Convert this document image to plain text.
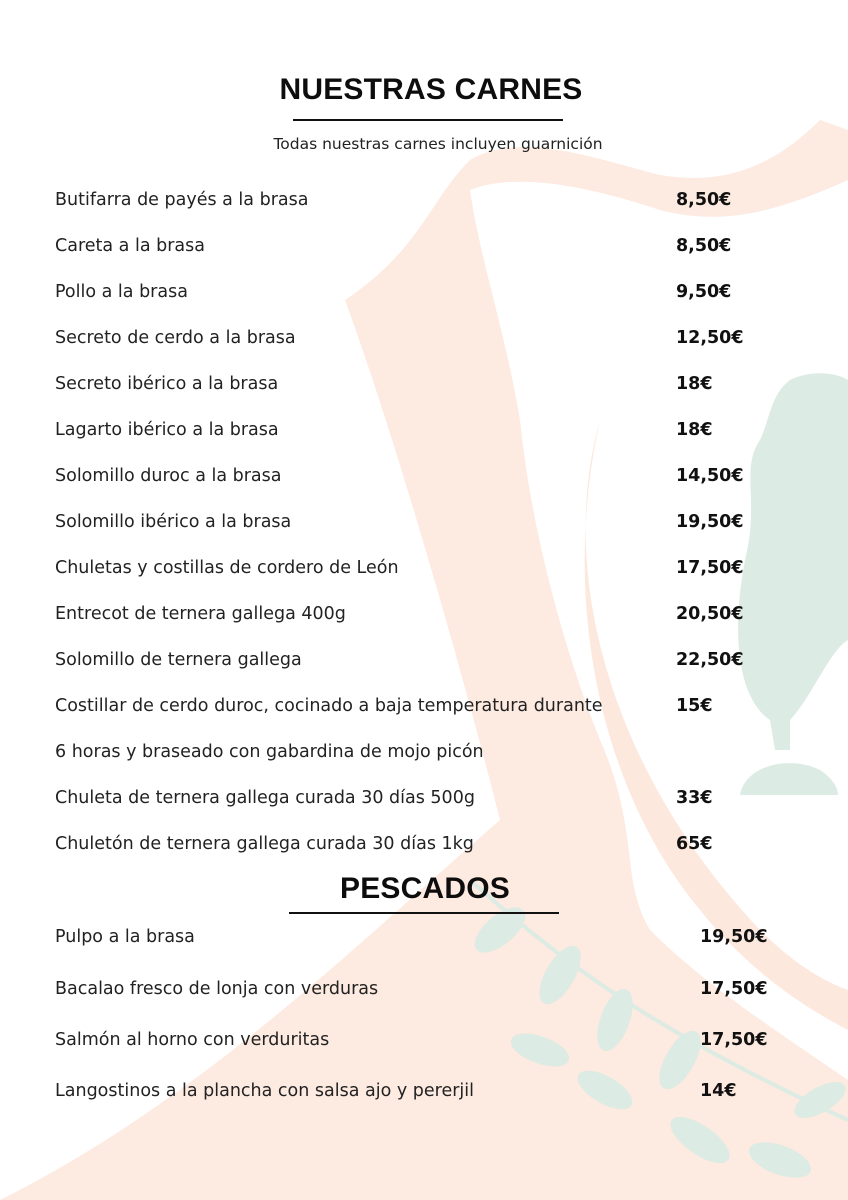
NUESTRAS CARNES
Todas nuestras carnes incluyen guarnición
Butifarra de payés a la brasa	8,50€
Careta a la brasa	8,50€
Pollo a la brasa	9,50€
Secreto de cerdo a la brasa	12,50€
Secreto ibérico a la brasa	18€
Lagarto ibérico a la brasa	18€
Solomillo duroc a la brasa	14,50€
Solomillo ibérico a la brasa	19,50€
Chuletas y costillas de cordero de León	17,50€
Entrecot de ternera gallega 400g	20,50€
Solomillo de ternera gallega	22,50€
Costillar de cerdo duroc, cocinado a baja temperatura durante	15€
6 horas y braseado con gabardina de mojo picón
Chuleta de ternera gallega curada 30 días 500g	33€
Chuletón de ternera gallega curada 30 días 1kg	65€
PESCADOS
Pulpo a la brasa	19,50€
Bacalao fresco de lonja con verduras	17,50€
Salmón al horno con verduritas	17,50€
Langostinos a la plancha con salsa ajo y pererjil	14€
